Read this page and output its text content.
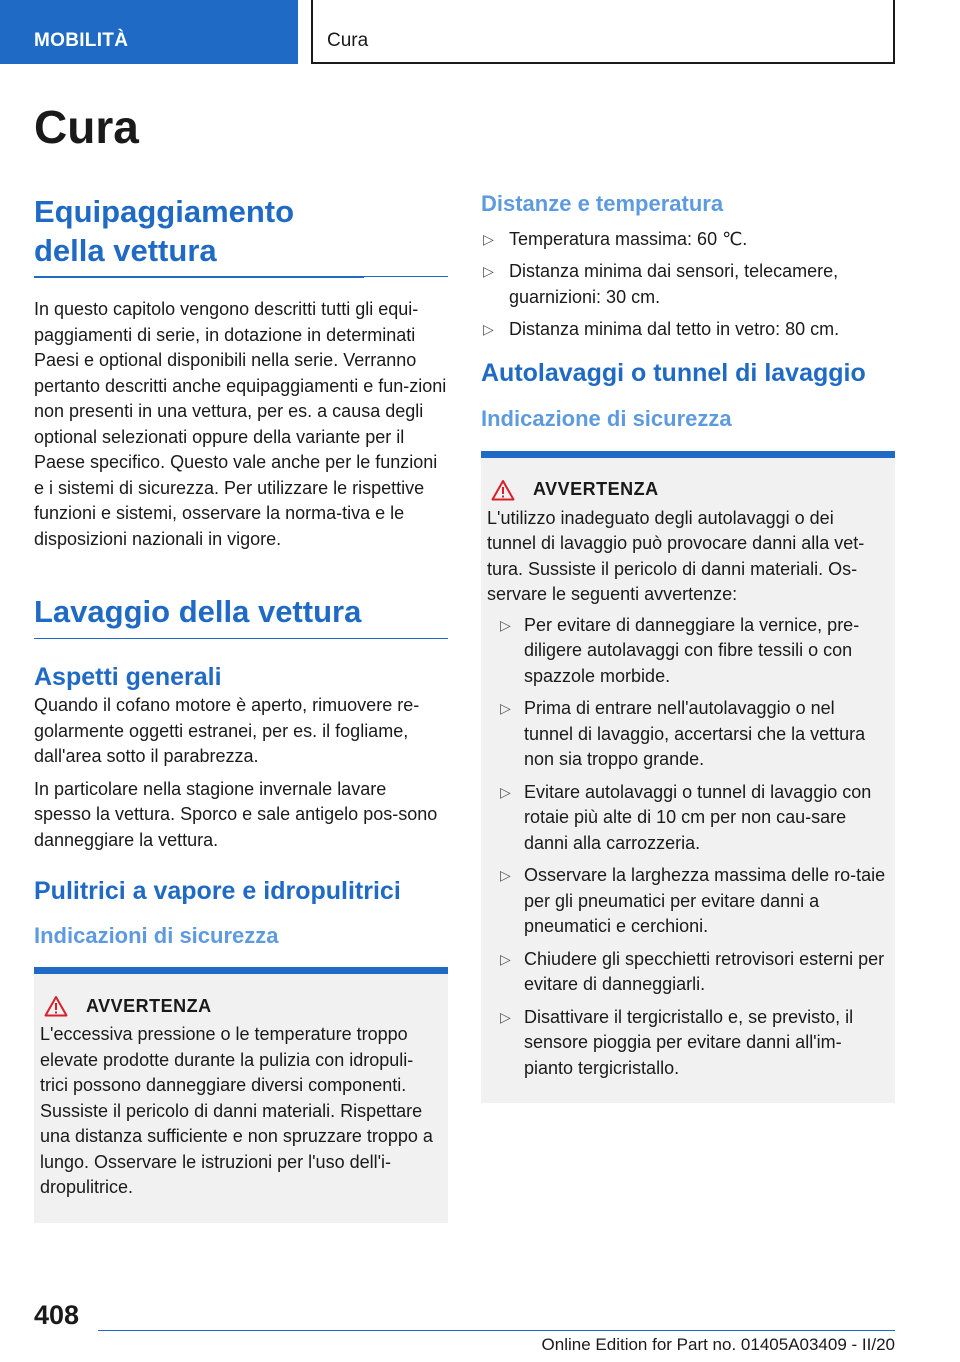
MOBILITÀ	Cura
Cura
Equipaggiamento della vettura

In questo capitolo vengono descritti tutti gli equi-paggiamenti di serie, in dotazione in determinati Paesi e optional disponibili nella serie. Verranno pertanto descritti anche equipaggiamenti e fun-zioni non presenti in una vettura, per es. a causa degli optional selezionati oppure della variante per il Paese specifico. Questo vale anche per le funzioni e i sistemi di sicurezza. Per utilizzare le rispettive funzioni e sistemi, osservare la norma-tiva e le disposizioni nazionali in vigore.

Lavaggio della vettura
Aspetti generali

Quando il cofano motore è aperto, rimuovere re-golarmente oggetti estranei, per es. il fogliame, dall'area sotto il parabrezza.

In particolare nella stagione invernale lavare spesso la vettura. Sporco e sale antigelo pos-sono danneggiare la vettura.

Pulitrici a vapore e idropulitrici
Indicazioni di sicurezza
AVVERTENZA

L'eccessiva pressione o le temperature troppo elevate prodotte durante la pulizia con idropuli-trici possono danneggiare diversi componenti. Sussiste il pericolo di danni materiali. Rispettare una distanza sufficiente e non spruzzare troppo a lungo. Osservare le istruzioni per l'uso dell'i-dropulitrice.

Distanze e temperatura
▷ Temperatura massima: 60 ℃.
▷ Distanza minima dai sensori, telecamere, guarnizioni: 30 cm.
▷ Distanza minima dal tetto in vetro: 80 cm.
Autolavaggi o tunnel di lavaggio
Indicazione di sicurezza
AVVERTENZA

L'utilizzo inadeguato degli autolavaggi o dei tunnel di lavaggio può provocare danni alla vet-tura. Sussiste il pericolo di danni materiali. Os-servare le seguenti avvertenze:

▷ Per evitare di danneggiare la vernice, pre-diligere autolavaggi con fibre tessili o con spazzole morbide.
▷ Prima di entrare nell'autolavaggio o nel tunnel di lavaggio, accertarsi che la vettura non sia troppo grande.
▷ Evitare autolavaggi o tunnel di lavaggio con rotaie più alte di 10 cm per non cau-sare danni alla carrozzeria.
▷ Osservare la larghezza massima delle ro-taie per gli pneumatici per evitare danni a pneumatici e cerchioni.
▷ Chiudere gli specchietti retrovisori esterni per evitare di danneggiarli.
▷ Disattivare il tergicristallo e, se previsto, il sensore pioggia per evitare danni all'im-pianto tergicristallo.
408
Online Edition for Part no. 01405A03409 - II/20
